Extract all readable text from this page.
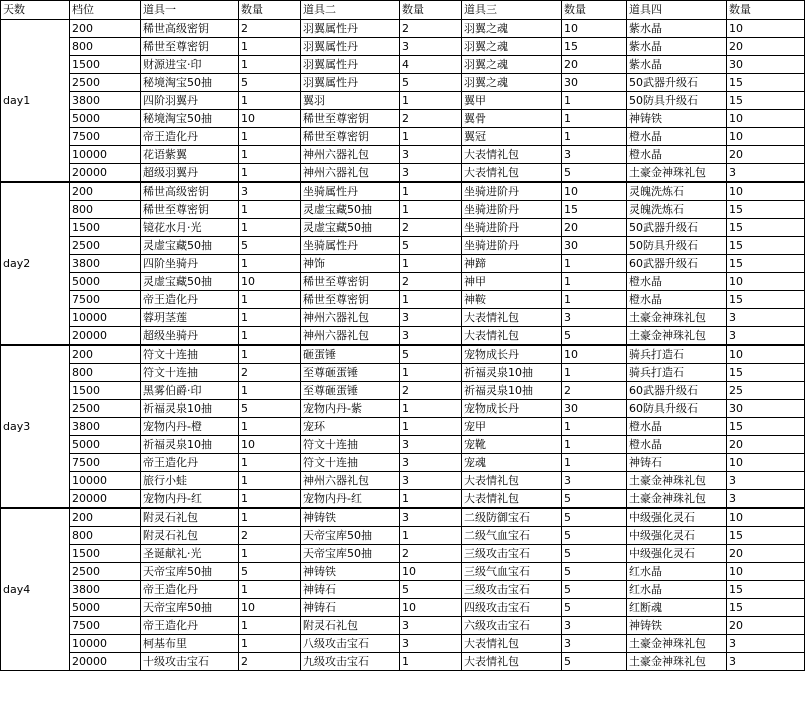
天数	档位	道具一	数量	道具二	数量	道具三	数量	道具四	数量
day1	200	稀世高级密钥	2	羽翼属性丹	2	羽翼之魂	10	紫水晶	10
	800	稀世至尊密钥	1	羽翼属性丹	3	羽翼之魂	15	紫水晶	20
	1500	财源进宝·印	1	羽翼属性丹	4	羽翼之魂	20	紫水晶	30
	2500	秘境淘宝50抽	5	羽翼属性丹	5	羽翼之魂	30	50武器升级石	15
	3800	四阶羽翼丹	1	翼羽	1	翼甲	1	50防具升级石	15
	5000	秘境淘宝50抽	10	稀世至尊密钥	2	翼骨	1	神铸铁	10
	7500	帝王造化丹	1	稀世至尊密钥	1	翼冠	1	橙水晶	10
	10000	花语紫翼	1	神州六器礼包	3	大表情礼包	3	橙水晶	20
	20000	超级羽翼丹	1	神州六器礼包	3	大表情礼包	5	土豪金神珠礼包	3
day2	200	稀世高级密钥	3	坐骑属性丹	1	坐骑进阶丹	10	灵魄洗炼石	10
	800	稀世至尊密钥	1	灵虚宝藏50抽	1	坐骑进阶丹	15	灵魄洗炼石	15
	1500	镜花水月·光	1	灵虚宝藏50抽	2	坐骑进阶丹	20	50武器升级石	15
	2500	灵虚宝藏50抽	5	坐骑属性丹	5	坐骑进阶丹	30	50防具升级石	15
	3800	四阶坐骑丹	1	神饰	1	神蹄	1	60武器升级石	15
	5000	灵虚宝藏50抽	10	稀世至尊密钥	2	神甲	1	橙水晶	10
	7500	帝王造化丹	1	稀世至尊密钥	1	神鞍	1	橙水晶	15
	10000	蓉玥茎莲	1	神州六器礼包	3	大表情礼包	3	土豪金神珠礼包	3
	20000	超级坐骑丹	1	神州六器礼包	3	大表情礼包	5	土豪金神珠礼包	3
day3	200	符文十连抽	1	砸蛋锤	5	宠物成长丹	10	骑兵打造石	10
	800	符文十连抽	2	至尊砸蛋锤	1	祈福灵泉10抽	1	骑兵打造石	15
	1500	黑雾伯爵·印	1	至尊砸蛋锤	2	祈福灵泉10抽	2	60武器升级石	25
	2500	祈福灵泉10抽	5	宠物内丹-紫	1	宠物成长丹	30	60防具升级石	30
	3800	宠物内丹-橙	1	宠环	1	宠甲	1	橙水晶	15
	5000	祈福灵泉10抽	10	符文十连抽	3	宠靴	1	橙水晶	20
	7500	帝王造化丹	1	符文十连抽	3	宠魂	1	神铸石	10
	10000	旅行小蛙	1	神州六器礼包	3	大表情礼包	3	土豪金神珠礼包	3
	20000	宠物内丹-红	1	宠物内丹-红	1	大表情礼包	5	土豪金神珠礼包	3
day4	200	附灵石礼包	1	神铸铁	3	二级防御宝石	5	中级强化灵石	10
	800	附灵石礼包	2	天帝宝库50抽	1	二级气血宝石	5	中级强化灵石	15
	1500	圣诞献礼·光	1	天帝宝库50抽	2	三级攻击宝石	5	中级强化灵石	20
	2500	天帝宝库50抽	5	神铸铁	10	三级气血宝石	5	红水晶	10
	3800	帝王造化丹	1	神铸石	5	三级攻击宝石	5	红水晶	15
	5000	天帝宝库50抽	10	神铸石	10	四级攻击宝石	5	红断魂	15
	7500	帝王造化丹	1	附灵石礼包	3	六级攻击宝石	3	神铸铁	20
	10000	柯基布里	1	八级攻击宝石	3	大表情礼包	3	土豪金神珠礼包	3
	20000	十级攻击宝石	2	九级攻击宝石	1	大表情礼包	5	土豪金神珠礼包	3
